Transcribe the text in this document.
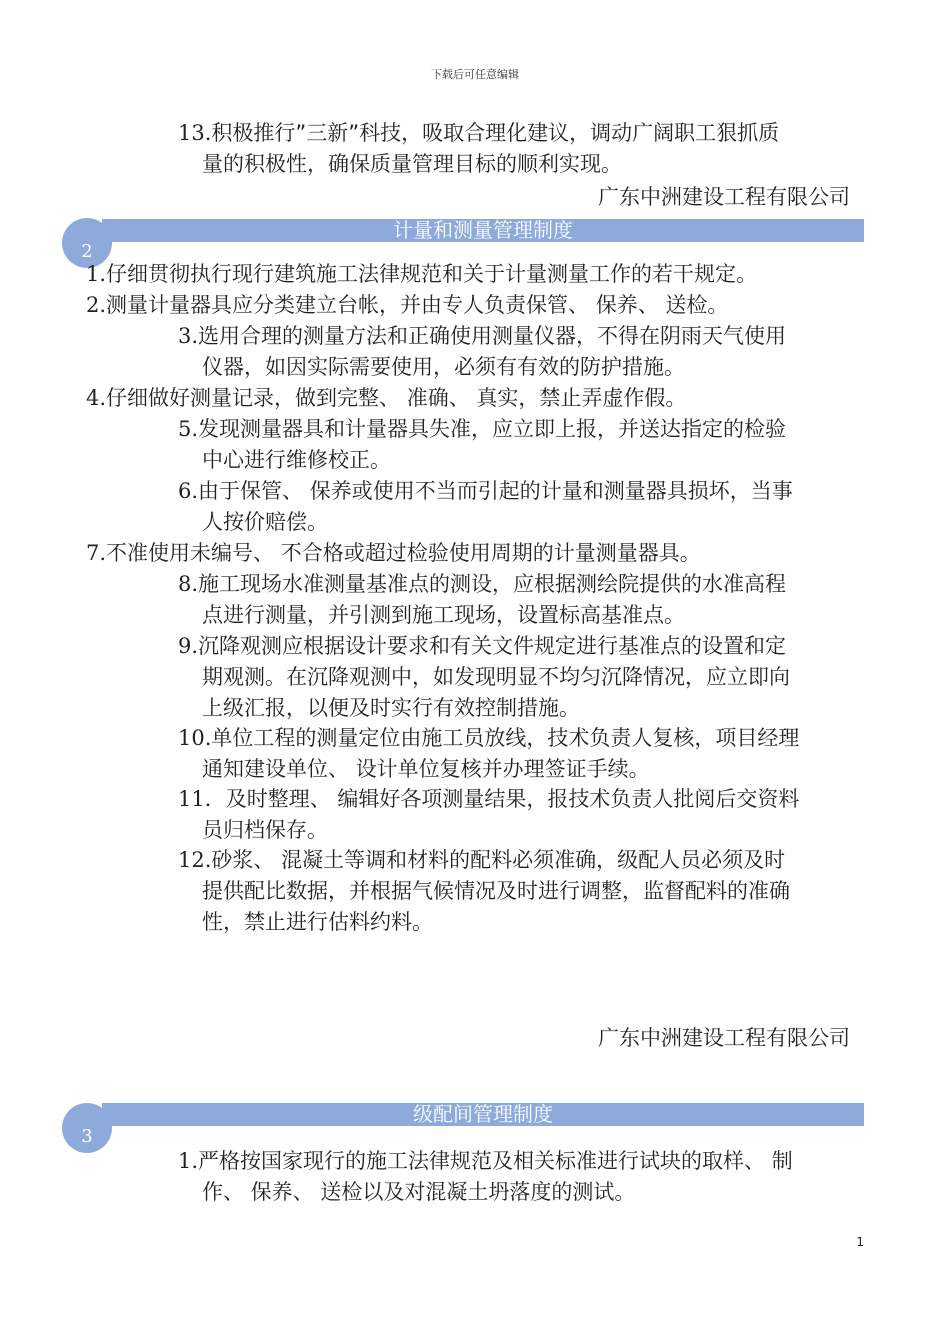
下载后可任意编辑

13.积极推行”三新”科技，吸取合理化建议，调动广阔职工狠抓质
量的积极性，确保质量管理目标的顺利实现。

广东中洲建设工程有限公司
2
计量和测量管理制度

1.仔细贯彻执行现行建筑施工法律规范和关于计量测量工作的若干规定。

2.测量计量器具应分类建立台帐，并由专人负责保管、 保养、 送检。

3.选用合理的测量方法和正确使用测量仪器，不得在阴雨天气使用
仪器，如因实际需要使用，必须有有效的防护措施。

4.仔细做好测量记录，做到完整、 准确、 真实，禁止弄虚作假。

5.发现测量器具和计量器具失准，应立即上报，并送达指定的检验
中心进行维修校正。

6.由于保管、 保养或使用不当而引起的计量和测量器具损坏，当事
人按价赔偿。

7.不准使用未编号、 不合格或超过检验使用周期的计量测量器具。

8.施工现场水准测量基准点的测设，应根据测绘院提供的水准高程
点进行测量，并引测到施工现场，设置标高基准点。

9.沉降观测应根据设计要求和有关文件规定进行基准点的设置和定
期观测。在沉降观测中，如发现明显不均匀沉降情况，应立即向
上级汇报，以便及时实行有效控制措施。

10.单位工程的测量定位由施工员放线，技术负责人复核，项目经理
通知建设单位、 设计单位复核并办理签证手续。

11．及时整理、 编辑好各项测量结果，报技术负责人批阅后交资料
员归档保存。

12.砂浆、 混凝土等调和材料的配料必须准确，级配人员必须及时
提供配比数据，并根据气候情况及时进行调整，监督配料的准确
性，禁止进行估料约料。

广东中洲建设工程有限公司
3
级配间管理制度

1.严格按国家现行的施工法律规范及相关标准进行试块的取样、 制
作、 保养、 送检以及对混凝土坍落度的测试。

1
